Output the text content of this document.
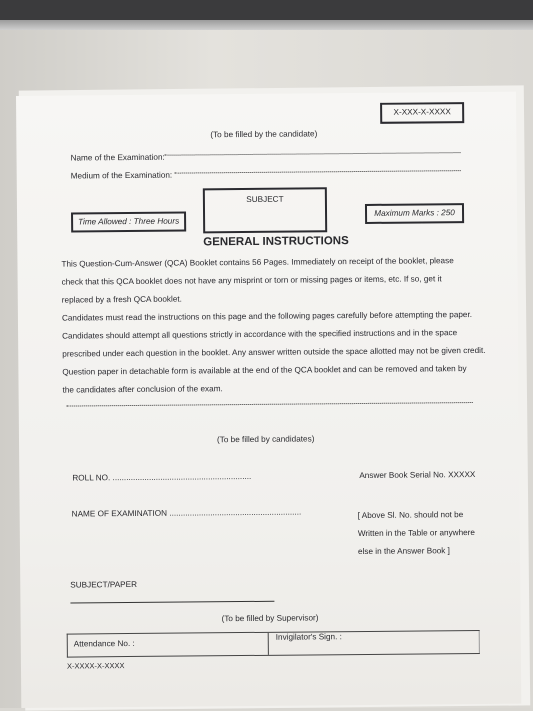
X-XXX-X-XXXX
(To be filled by the candidate)
Name of the Examination:
Medium of the Examination:
SUBJECT
Time Allowed : Three Hours
Maximum Marks : 250
GENERAL INSTRUCTIONS
This Question-Cum-Answer (QCA) Booklet contains 56 Pages. Immediately on receipt of the booklet, please
check that this QCA booklet does not have any misprint or torn or missing pages or items, etc. If so, get it
replaced by a fresh QCA booklet.
Candidates must read the instructions on this page and the following pages carefully before attempting the paper.
Candidates should attempt all questions strictly in accordance with the specified instructions and in the space
prescribed under each question in the booklet. Any answer written outside the space allotted may not be given credit.
Question paper in detachable form is available at the end of the QCA booklet and can be removed and taken by
the candidates after conclusion of the exam.
(To be filled by candidates)
ROLL NO. .............................................................	Answer Book Serial No. XXXXX
NAME OF EXAMINATION ..........................................................	[ Above Sl. No. should not be
Written in the Table or anywhere
else in the Answer Book ]
SUBJECT/PAPER
(To be filled by Supervisor)
Attendance No. :
Invigilator's Sign. :
X-XXXX-X-XXXX
